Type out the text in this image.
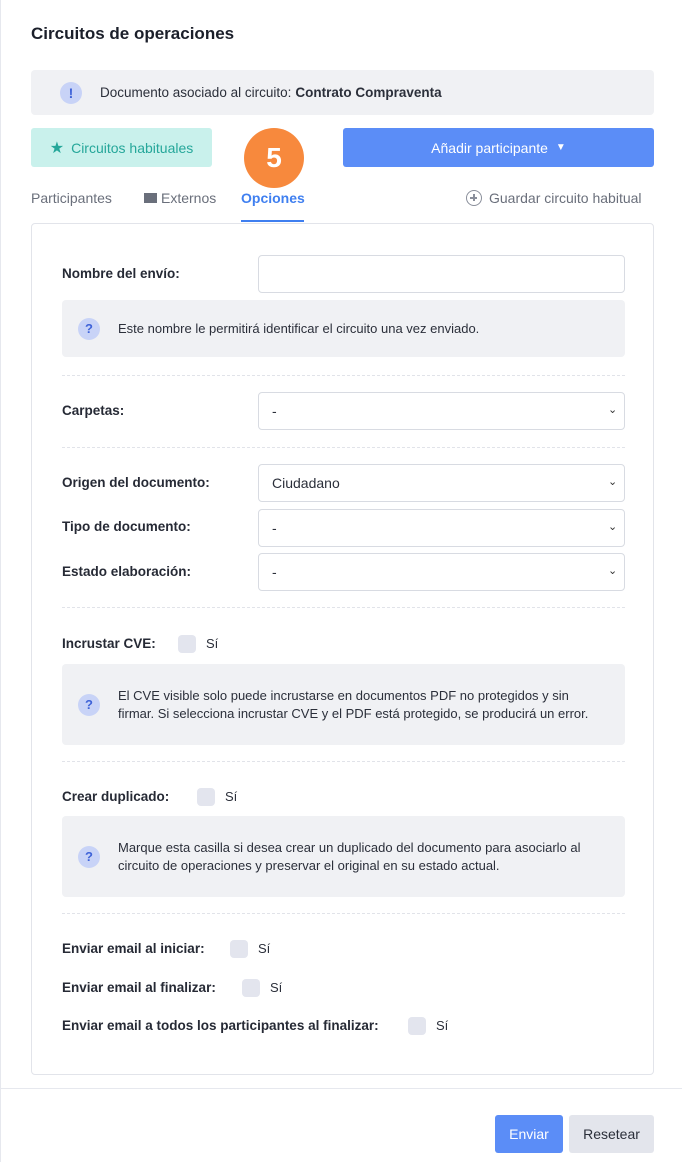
Circuitos de operaciones
!	Documento asociado al circuito: Contrato Compraventa
★ Circuitos habituales	5	Añadir participante ▼
Participantes	Externos Opciones	Guardar circuito habitual
Nombre del envío:
?	Este nombre le permitirá identificar el circuito una vez enviado.
Carpetas:	-	⌄
Origen del documento:	Ciudadano	⌄
Tipo de documento:	-	⌄
Estado elaboración:	-	⌄
Incrustar CVE:	Sí
?
El CVE visible solo puede incrustarse en documentos PDF no protegidos y sin firmar. Si selecciona incrustar CVE y el PDF está protegido, se producirá un error.
Crear duplicado:	Sí
?
Marque esta casilla si desea crear un duplicado del documento para asociarlo al circuito de operaciones y preservar el original en su estado actual.
Enviar email al iniciar:	Sí
Enviar email al finalizar:	Sí
Enviar email a todos los participantes al finalizar:	Sí
Enviar	Resetear
